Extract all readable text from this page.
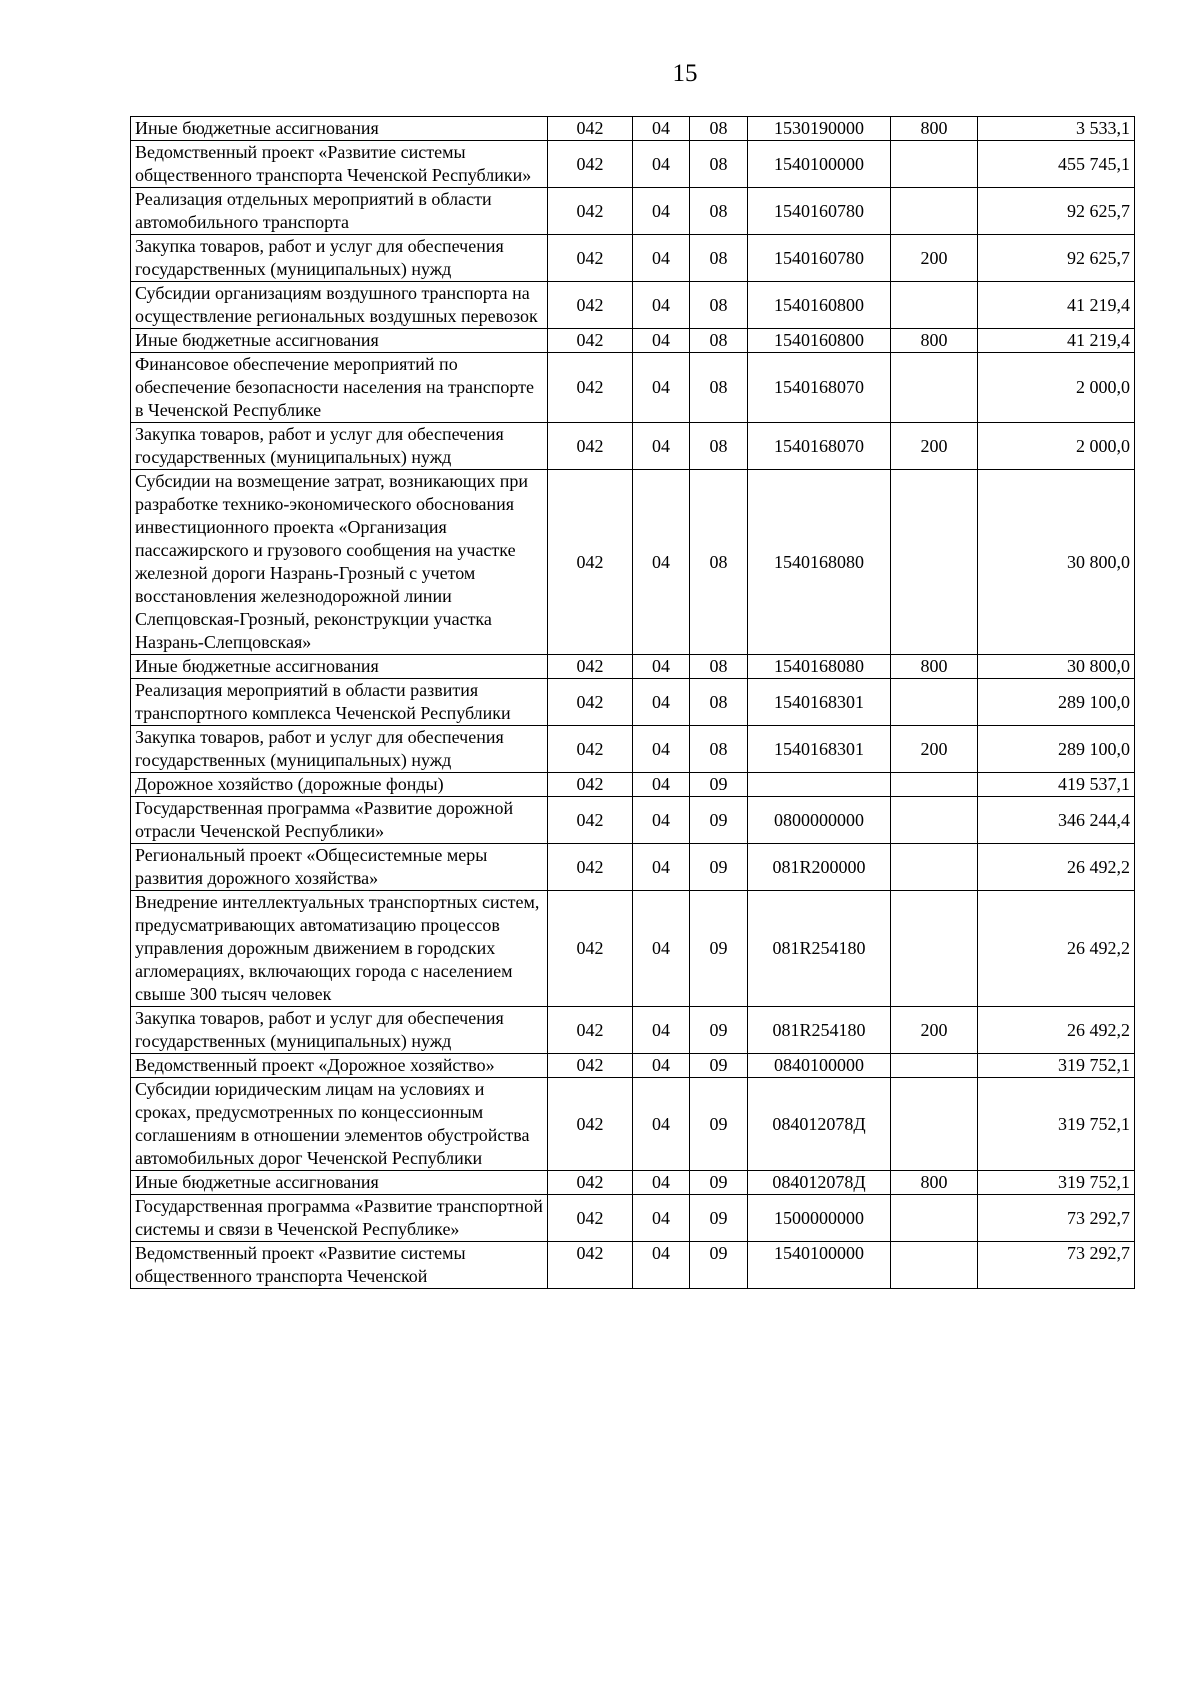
15
Иные бюджетные ассигнования	042	04	08	1530190000	800	3 533,1
Ведомственный проект «Развитие системы общественного транспорта Чеченской Республики»	042	04	08	1540100000		455 745,1
Реализация отдельных мероприятий в области автомобильного транспорта	042	04	08	1540160780		92 625,7
Закупка товаров, работ и услуг для обеспечения государственных (муниципальных) нужд	042	04	08	1540160780	200	92 625,7
Субсидии организациям воздушного транспорта на осуществление региональных воздушных перевозок	042	04	08	1540160800		41 219,4
Иные бюджетные ассигнования	042	04	08	1540160800	800	41 219,4
Финансовое обеспечение мероприятий по обеспечение безопасности населения на транспорте в Чеченской Республике	042	04	08	1540168070		2 000,0
Закупка товаров, работ и услуг для обеспечения государственных (муниципальных) нужд	042	04	08	1540168070	200	2 000,0
Субсидии на возмещение затрат, возникающих при разработке технико-экономического обоснования инвестиционного проекта «Организация пассажирского и грузового сообщения на участке железной дороги Назрань-Грозный с учетом восстановления железнодорожной линии Слепцовская-Грозный, реконструкции участка Назрань-Слепцовская»	042	04	08	1540168080		30 800,0
Иные бюджетные ассигнования	042	04	08	1540168080	800	30 800,0
Реализация мероприятий в области развития транспортного комплекса Чеченской Республики	042	04	08	1540168301		289 100,0
Закупка товаров, работ и услуг для обеспечения государственных (муниципальных) нужд	042	04	08	1540168301	200	289 100,0
Дорожное хозяйство (дорожные фонды)	042	04	09			419 537,1
Государственная программа «Развитие дорожной отрасли Чеченской Республики»	042	04	09	0800000000		346 244,4
Региональный проект «Общесистемные меры развития дорожного хозяйства»	042	04	09	081R200000		26 492,2
Внедрение интеллектуальных транспортных систем, предусматривающих автоматизацию процессов управления дорожным движением в городских агломерациях, включающих города с населением свыше 300 тысяч человек	042	04	09	081R254180		26 492,2
Закупка товаров, работ и услуг для обеспечения государственных (муниципальных) нужд	042	04	09	081R254180	200	26 492,2
Ведомственный проект «Дорожное хозяйство»	042	04	09	0840100000		319 752,1
Субсидии юридическим лицам на условиях и сроках, предусмотренных по концессионным соглашениям в отношении элементов обустройства автомобильных дорог Чеченской Республики	042	04	09	084012078Д		319 752,1
Иные бюджетные ассигнования	042	04	09	084012078Д	800	319 752,1
Государственная программа «Развитие транспортной системы и связи в Чеченской Республике»	042	04	09	1500000000		73 292,7
Ведомственный проект «Развитие системы общественного транспорта Чеченской	042	04	09	1540100000		73 292,7
